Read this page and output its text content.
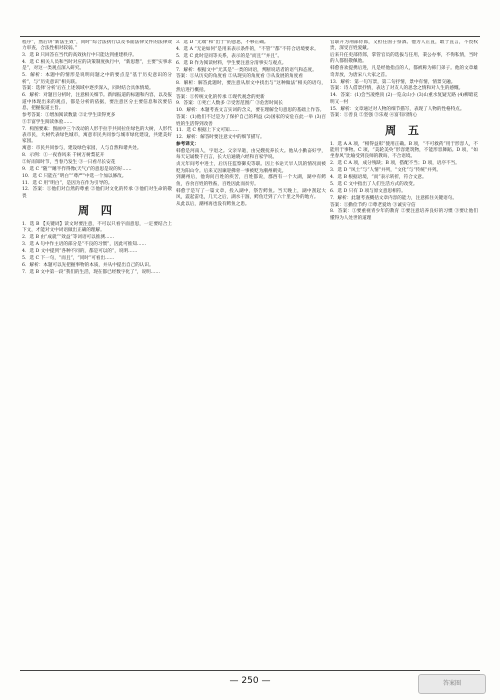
程序”，然后讲“新法生效”，同时“综合法执行以及书面法律文件的法律效力审查，合法性相对较弱。”
3．选 B 只回答在当代的高效执行中只能达到重建秩序。
4．选 C 相关人员和当时对应的决策制度执行中，“新思想”，主要“实事求是”，对这一类观点深入研究。
5．解析：本题中的情形是说明问题之中的要点是“基于历史意识的分析”，与“历史意识”相关联。
答案：选择‘分析’后在上述领域中逐步深入，同时结合具体情境。
6．解析：对题目分析时，注意相关细节。新闻报道的标题和内容，以及报道中体现出来的观点，都是分析的依据，要注意区分主要信息和次要信息，把握报道主旨。
参考答案：①增加阅读数量 ②让学生读得更多
③丰富学生阅读体验……
7．构图要素：图画中三个改动的人形手拉手共同拉住绿色的大树，人形代表市民，大树代表绿色城市，寓意市民共同参与城市绿化建设，共建美好家园。
寓意：市民共同参与，建设绿色家园，人与自然和谐共处。
8．示例：①一夜春风来 千树万树梨花开
②好雨知时节，当春乃发生 ③一日看尽长安花
9．选 C “随”“睡半拃得像(天气)”的意思是说的好……
10．选 C 只能在“明白”“尊严”中选一个加以修改。
11．选 C 用“明白”，是因为在作为引导的。
12．答案：①他们对自然的尊重 ②他们对文化的传承 ③他们对生命的敬畏
周 四
1．选 B 【关键词】读文时要注意，不可以只看字面意思，一定要结合上下文，才能对文中词语做出正确的理解。
2．选 B 由“成就”“效益”等词语可以推测……
3．选 A 句中作主语的部分是“不良的习惯”，因此可推知……
4．选 D 文中提到“各种不同的，都是可以的”，说明……
5．选 C 下一句，“而且”，“同时”可看出……
6．解析：本题可以先把握事物的本质，并从中提出自己的认识。
7．选 B 文中第一段“我们的生活，现在都已经数字化了”，说明……
3．选 D “无端”和“出于”的意思，不够正确。
4．选 A “无论如何”是用来表示条件的，“不管”“都”不符合语境要求。
5．选 C 此时是同等关系，表示的是“而且”“并且”。
6．选 B 作为阅读材料，学生要注意分清事实与观点。
7．解析：根据文中“尤其是”一类的词语，判断说话者的语气和态度。
答案：①从历史的角度看 ②从现实的角度看 ③从发展的角度看
8．解析：解答此题时，要注意从原文中找出与“这种做法”相关的语句，然后进行概括。
答案：①传统文化的传承 ②现代观念的更新
9．答案：①死亡人数多 ②受害范围广 ③危害时间长
10．解析：本题考查文言实词的含义，要在理解全句意思的基础上作答。
答案：(1)他们不过是为了保护自己的利益 (2)国家的安危在此一举 (3)百姓的生活得到改善
11．选 C 根据上下文可知……
12．解析：解答时要注意文中的细节描写。
参考译文：
韩愈是河南人，字退之。父亲早逝，由兄嫂抚养长大。他从小勤奋好学，每天记诵数千百言，长大后通晓六经和百家学说。
贞元年间考中进士，后历任监察御史等职。因上书论天旱人饥的情况而被贬为阳山令。后来又因谏迎佛骨一事被贬为潮州刺史。
到潮州后，他询问百姓的疾苦，百姓都说，郡西有一个大湖，湖中有鳄鱼，吞食百姓的牲畜，百姓因此而贫穷。
韩愈于是写了一篇文章，投入湖中，祭告鳄鱼。当天晚上，湖中刮起大风，震起雷电，几天之后，湖水干涸，鳄鱼迁到了六十里之外的地方。
从此以后，潮州再也没有鳄鱼之患。
官职升为刑部侍郎，又担任国子祭酒。他为人正直，敢于直言，不畏权贵，深受百姓爱戴。
后来升任吏部侍郎，掌管官员的选拔与任用，秉公办事，不徇私情，当时的人都很敬佩他。
韩愈喜欢提携后进，凡是经他指点的人，都被称为韩门弟子。他的文章雄奇奔放，为唐宋八大家之首。
13．解析：第一句写景，第二句抒情，景中有情，情景交融。
答案：诗人借景抒情，表达了对友人的思念之情和对人生的感慨。
14．答案：(1)会当凌绝顶 (2)一览众山小 (3)山重水复疑无路 (4)柳暗花明又一村
15．解析：文章通过对人物的细节描写，表现了人物的性格特点。
答案：①善良 ②坚强 ③乐观 ④富有同情心
周 五
1．选 A A 项，“相得益彰”使用正确。B 项，“不可救药”用于形容人，不能用于事物。C 项，“美轮美奂”形容建筑物，不能形容舞蹈。D 项，“如坐春风”比喻受到良师的教诲，不合语境。
2．选 C A 项，成分残缺；B 项，搭配不当；D 项，语序不当。
3．选 D “风土”与“人情”并列，“文化”与“传统”并列。
4．选 B 根据语境，“而”表示转折，符合文意。
5．选 C 文中指出了人们生活方式的改变。
6．选 D 只有 D 项与原文意思相符。
7．解析：此题考查概括文章内容的能力，注意抓住关键语句。
答案：①勤俭节约 ②尊老爱幼 ③诚实守信
8．答案：①要重视青少年的教育 ②要注意培养良好的习惯 ③要让他们懂得为人处世的道理
— 250 —	答案圈
